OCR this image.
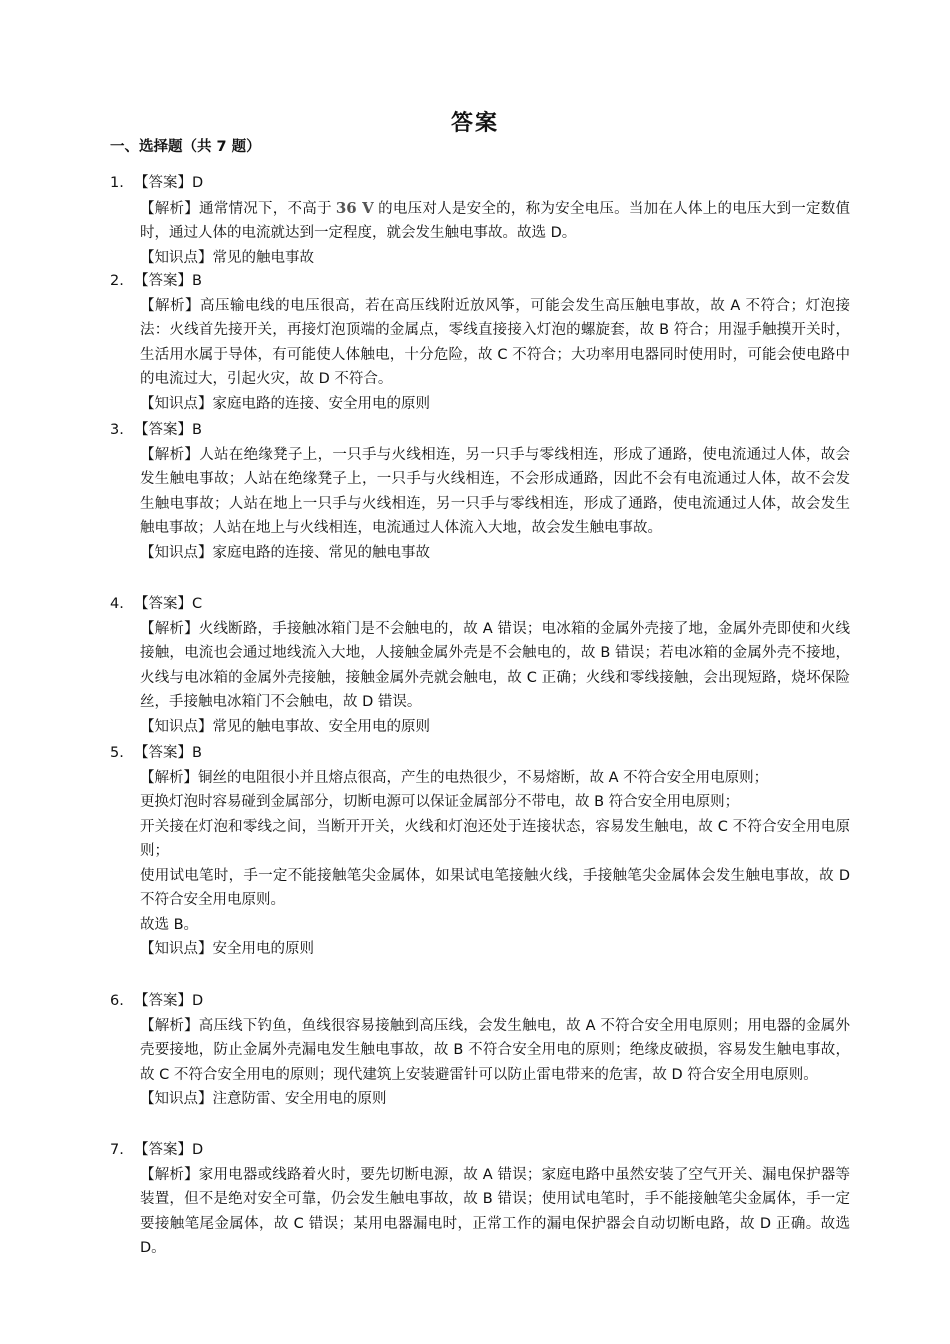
答案
一、选择题（共 7 题）
1. 【答案】D

【解析】通常情况下，不高于 36 V 的电压对人是安全的，称为安全电压。当加在人体上的电压大到一定数值时，通过人体的电流就达到一定程度，就会发生触电事故。故选 D。

【知识点】常见的触电事故

2. 【答案】B

【解析】高压输电线的电压很高，若在高压线附近放风筝，可能会发生高压触电事故，故 A 不符合；灯泡接法：火线首先接开关，再接灯泡顶端的金属点，零线直接接入灯泡的螺旋套，故 B 符合；用湿手触摸开关时，生活用水属于导体，有可能使人体触电，十分危险，故 C 不符合；大功率用电器同时使用时，可能会使电路中的电流过大，引起火灾，故 D 不符合。

【知识点】家庭电路的连接、安全用电的原则

3. 【答案】B

【解析】人站在绝缘凳子上，一只手与火线相连，另一只手与零线相连，形成了通路，使电流通过人体，故会发生触电事故；人站在绝缘凳子上，一只手与火线相连，不会形成通路，因此不会有电流通过人体，故不会发生触电事故；人站在地上一只手与火线相连，另一只手与零线相连，形成了通路，使电流通过人体，故会发生触电事故；人站在地上与火线相连，电流通过人体流入大地，故会发生触电事故。

【知识点】家庭电路的连接、常见的触电事故

4. 【答案】C

【解析】火线断路，手接触冰箱门是不会触电的，故 A 错误；电冰箱的金属外壳接了地，金属外壳即使和火线接触，电流也会通过地线流入大地，人接触金属外壳是不会触电的，故 B 错误；若电冰箱的金属外壳不接地，火线与电冰箱的金属外壳接触，接触金属外壳就会触电，故 C 正确；火线和零线接触，会出现短路，烧坏保险丝，手接触电冰箱门不会触电，故 D 错误。

【知识点】常见的触电事故、安全用电的原则

5. 【答案】B

【解析】铜丝的电阻很小并且熔点很高，产生的电热很少，不易熔断，故 A 不符合安全用电原则；

更换灯泡时容易碰到金属部分，切断电源可以保证金属部分不带电，故 B 符合安全用电原则；

开关接在灯泡和零线之间，当断开开关，火线和灯泡还处于连接状态，容易发生触电，故 C 不符合安全用电原则；

使用试电笔时，手一定不能接触笔尖金属体，如果试电笔接触火线，手接触笔尖金属体会发生触电事故，故 D 不符合安全用电原则。

故选 B。

【知识点】安全用电的原则

6. 【答案】D

【解析】高压线下钓鱼，鱼线很容易接触到高压线，会发生触电，故 A 不符合安全用电原则；用电器的金属外壳要接地，防止金属外壳漏电发生触电事故，故 B 不符合安全用电的原则；绝缘皮破损，容易发生触电事故，故 C 不符合安全用电的原则；现代建筑上安装避雷针可以防止雷电带来的危害，故 D 符合安全用电原则。

【知识点】注意防雷、安全用电的原则

7. 【答案】D

【解析】家用电器或线路着火时，要先切断电源，故 A 错误；家庭电路中虽然安装了空气开关、漏电保护器等装置，但不是绝对安全可靠，仍会发生触电事故，故 B 错误；使用试电笔时，手不能接触笔尖金属体，手一定要接触笔尾金属体，故 C 错误；某用电器漏电时，正常工作的漏电保护器会自动切断电路，故 D 正确。故选 D。
